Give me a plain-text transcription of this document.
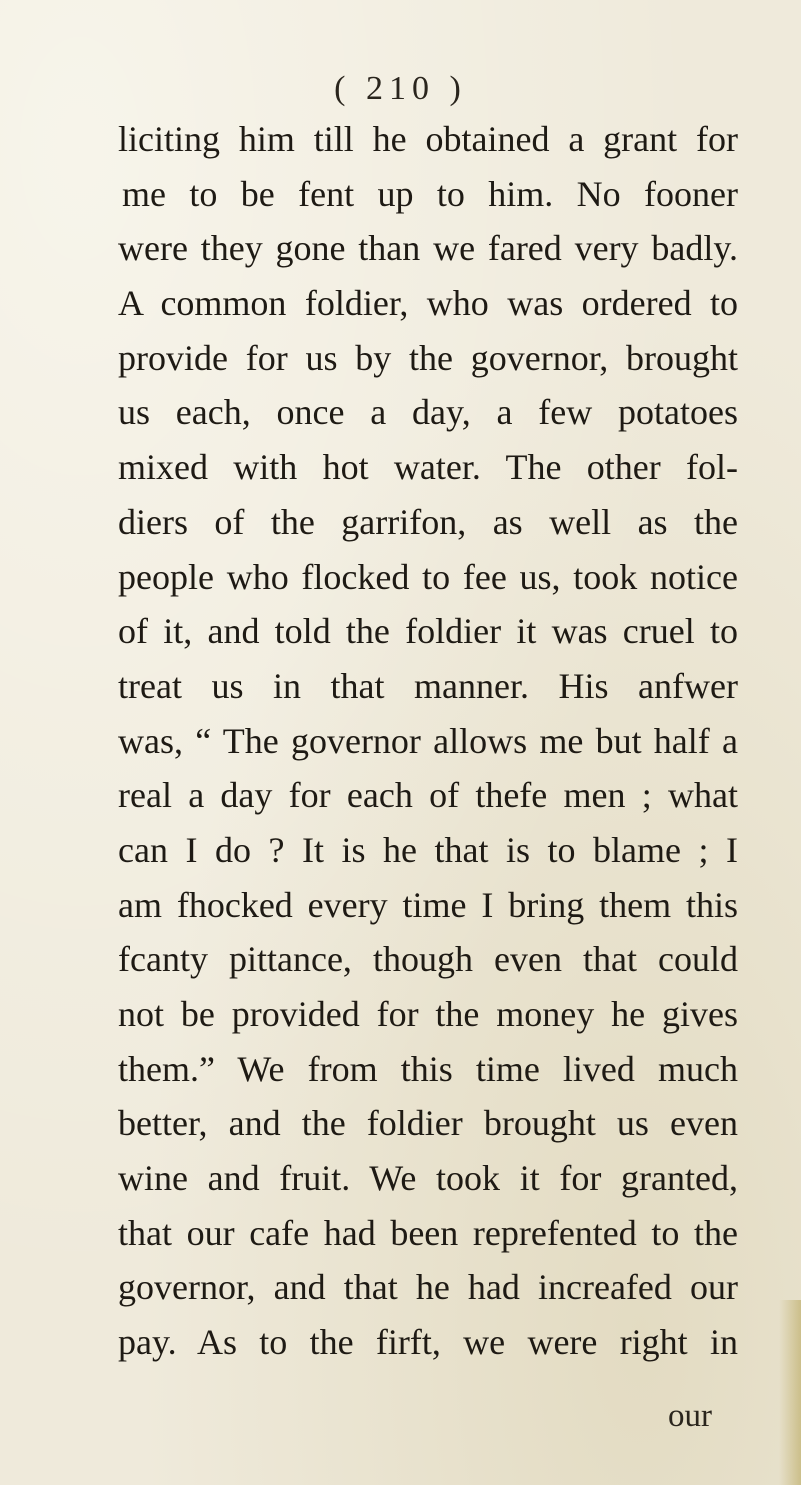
( 210 )
liciting him till he obtained a grant for
me to be fent up to him. No fooner
were they gone than we fared very badly.
A common foldier, who was ordered to
provide for us by the governor, brought
us each, once a day, a few potatoes
mixed with hot water. The other fol-
diers of the garrifon, as well as the
people who flocked to fee us, took notice
of it, and told the foldier it was cruel to
treat us in that manner. His anfwer
was, “ The governor allows me but half a
real a day for each of thefe men ; what
can I do ? It is he that is to blame ; I
am fhocked every time I bring them this
fcanty pittance, though even that could
not be provided for the money he gives
them.” We from this time lived much
better, and the foldier brought us even
wine and fruit. We took it for granted,
that our cafe had been reprefented to the
governor, and that he had increafed our
pay. As to the firft, we were right in
our
